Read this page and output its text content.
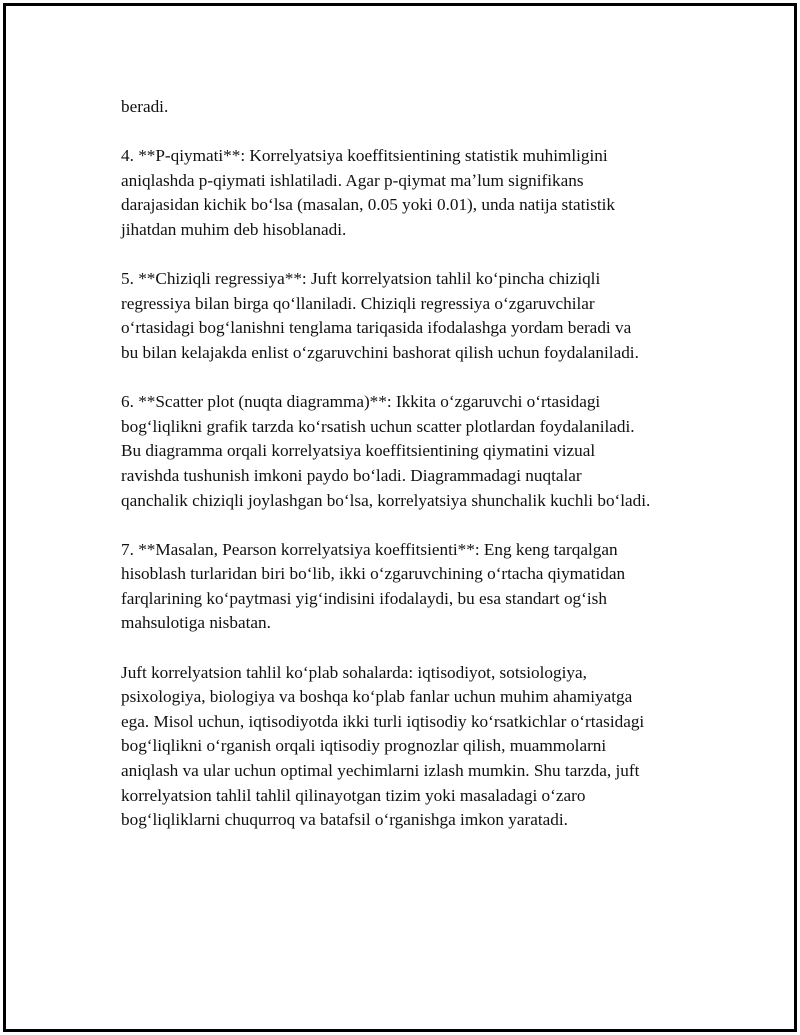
beradi.

4. **P-qiymati**: Korrelyatsiya koeffitsientining statistik muhimligini
aniqlashda p-qiymati ishlatiladi. Agar p-qiymat maʼlum signifikans
darajasidan kichik boʻlsa (masalan, 0.05 yoki 0.01), unda natija statistik
jihatdan muhim deb hisoblanadi.

5. **Chiziqli regressiya**: Juft korrelyatsion tahlil koʻpincha chiziqli
regressiya bilan birga qoʻllaniladi. Chiziqli regressiya oʻzgaruvchilar
oʻrtasidagi bogʻlanishni tenglama tariqasida ifodalashga yordam beradi va
bu bilan kelajakda enlist oʻzgaruvchini bashorat qilish uchun foydalaniladi.

6. **Scatter plot (nuqta diagramma)**: Ikkita oʻzgaruvchi oʻrtasidagi
bogʻliqlikni grafik tarzda koʻrsatish uchun scatter plotlardan foydalaniladi.
Bu diagramma orqali korrelyatsiya koeffitsientining qiymatini vizual
ravishda tushunish imkoni paydo boʻladi. Diagrammadagi nuqtalar
qanchalik chiziqli joylashgan boʻlsa, korrelyatsiya shunchalik kuchli boʻladi.

7. **Masalan, Pearson korrelyatsiya koeffitsienti**: Eng keng tarqalgan
hisoblash turlaridan biri boʻlib, ikki oʻzgaruvchining oʻrtacha qiymatidan
farqlarining koʻpaytmasi yigʻindisini ifodalaydi, bu esa standart ogʻish
mahsulotiga nisbatan.

Juft korrelyatsion tahlil koʻplab sohalarda: iqtisodiyot, sotsiologiya,
psixologiya, biologiya va boshqa koʻplab fanlar uchun muhim ahamiyatga
ega. Misol uchun, iqtisodiyotda ikki turli iqtisodiy koʻrsatkichlar oʻrtasidagi
bogʻliqlikni oʻrganish orqali iqtisodiy prognozlar qilish, muammolarni
aniqlash va ular uchun optimal yechimlarni izlash mumkin. Shu tarzda, juft
korrelyatsion tahlil tahlil qilinayotgan tizim yoki masaladagi oʻzaro
bogʻliqliklarni chuqurroq va batafsil oʻrganishga imkon yaratadi.
